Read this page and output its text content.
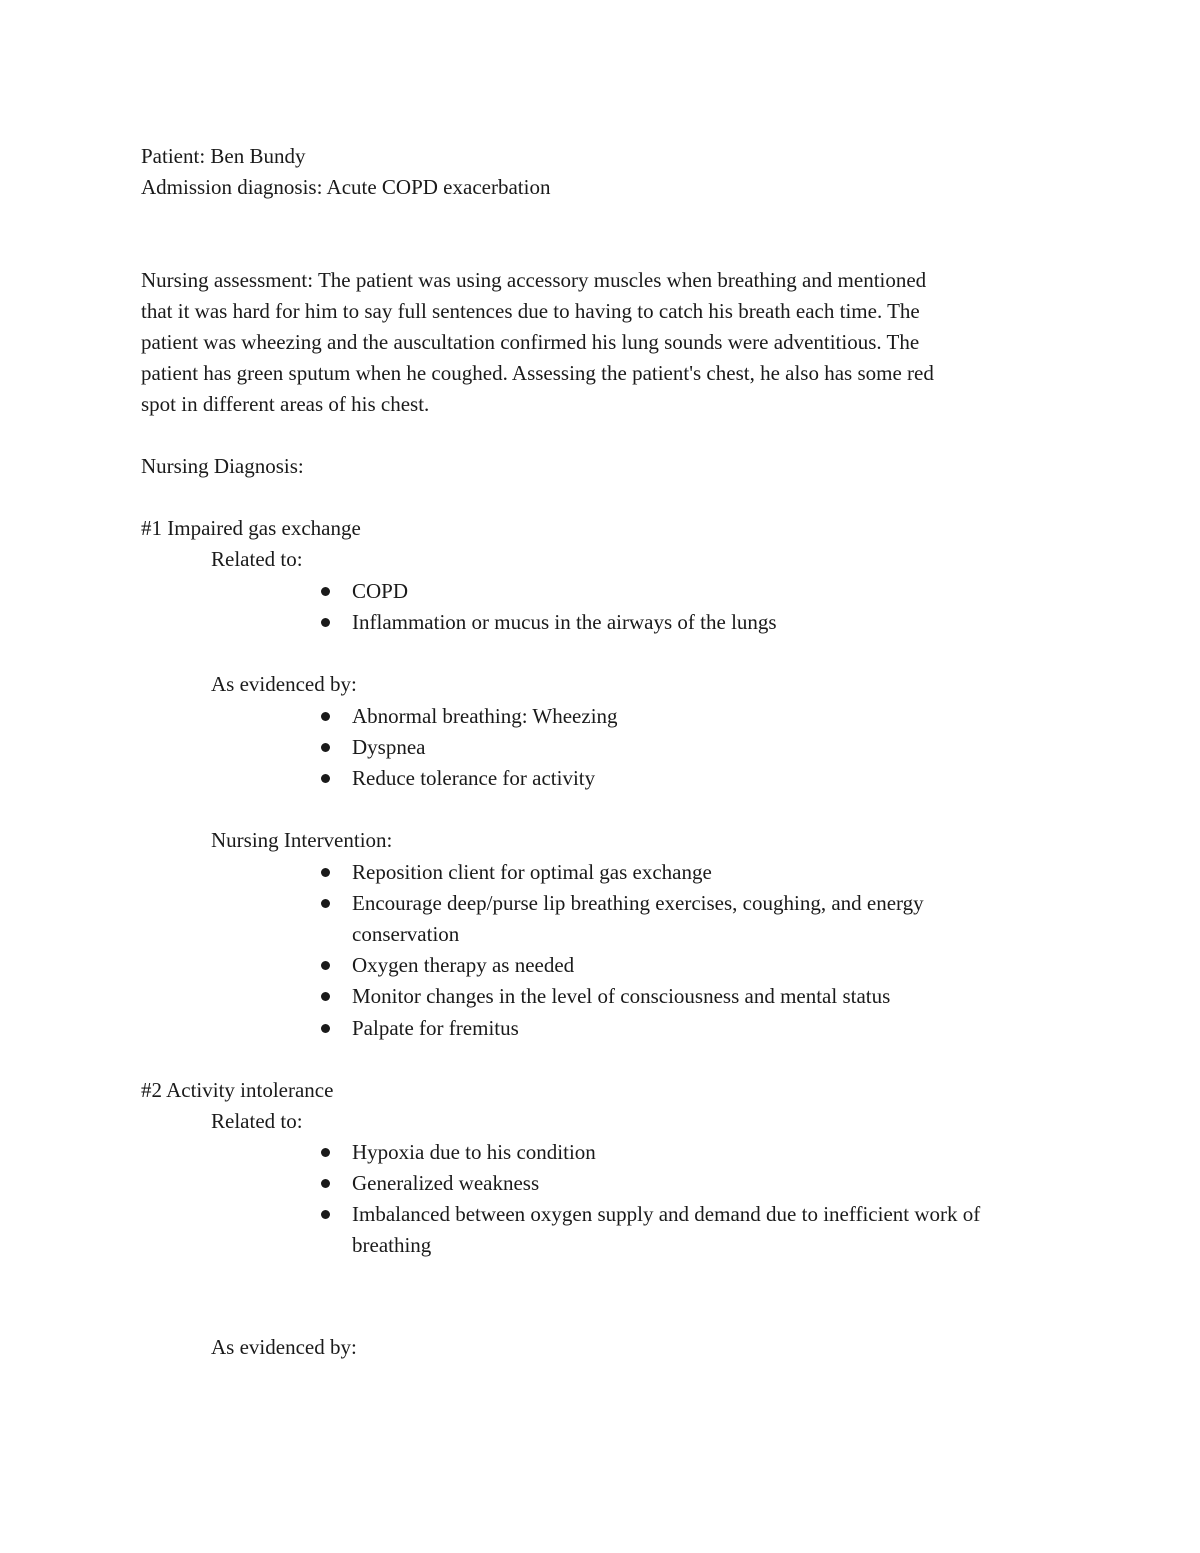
Patient: Ben Bundy
Admission diagnosis: Acute COPD exacerbation
Nursing assessment: The patient was using accessory muscles when breathing and mentioned
that it was hard for him to say full sentences due to having to catch his breath each time. The
patient was wheezing and the auscultation confirmed his lung sounds were adventitious. The
patient has green sputum when he coughed. Assessing the patient's chest, he also has some red
spot in different areas of his chest.
Nursing Diagnosis:
#1 Impaired gas exchange
Related to:
COPD
Inflammation or mucus in the airways of the lungs
As evidenced by:
Abnormal breathing: Wheezing
Dyspnea
Reduce tolerance for activity
Nursing Intervention:
Reposition client for optimal gas exchange
Encourage deep/purse lip breathing exercises, coughing, and energy
conservation
Oxygen therapy as needed
Monitor changes in the level of consciousness and mental status
Palpate for fremitus
#2 Activity intolerance
Related to:
Hypoxia due to his condition
Generalized weakness
Imbalanced between oxygen supply and demand due to inefficient work of
breathing
As evidenced by:
